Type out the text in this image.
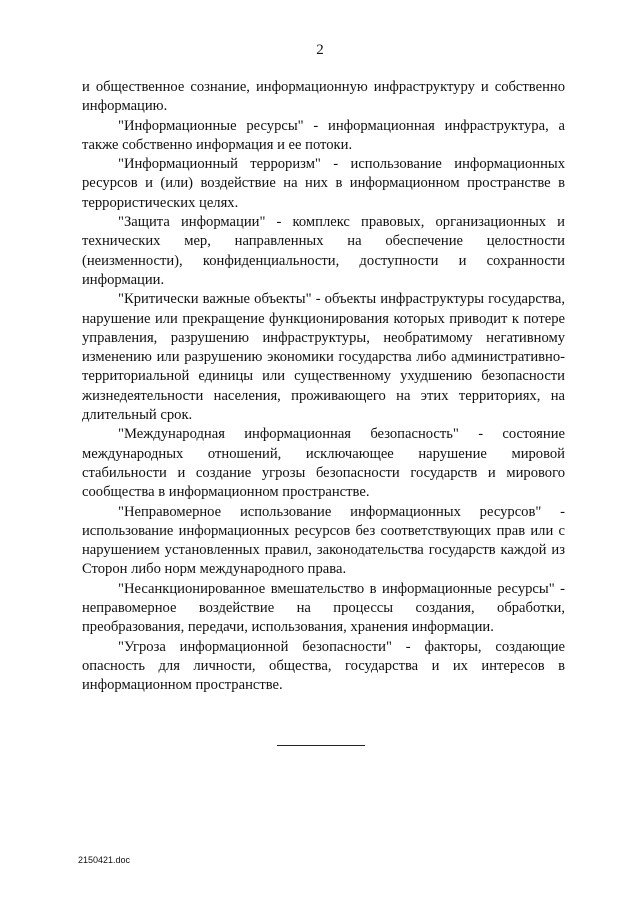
2

и общественное сознание, информационную инфраструктуру и собственно информацию.

"Информационные ресурсы" - информационная инфраструктура, а также собственно информация и ее потоки.

"Информационный терроризм" - использование информационных ресурсов и (или) воздействие на них в информационном пространстве в террористических целях.

"Защита информации" - комплекс правовых, организационных и технических мер, направленных на обеспечение целостности (неизменности), конфиденциальности, доступности и сохранности информации.

"Критически важные объекты" - объекты инфраструктуры государства, нарушение или прекращение функционирования которых приводит к потере управления, разрушению инфраструктуры, необратимому негативному изменению или разрушению экономики государства либо административно-территориальной единицы или существенному ухудшению безопасности жизнедеятельности населения, проживающего на этих территориях, на длительный срок.

"Международная информационная безопасность" - состояние международных отношений, исключающее нарушение мировой стабильности и создание угрозы безопасности государств и мирового сообщества в информационном пространстве.

"Неправомерное использование информационных ресурсов" - использование информационных ресурсов без соответствующих прав или с нарушением установленных правил, законодательства государств каждой из Сторон либо норм международного права.

"Несанкционированное вмешательство в информационные ресурсы" - неправомерное воздействие на процессы создания, обработки, преобразования, передачи, использования, хранения информации.

"Угроза информационной безопасности" - факторы, создающие опасность для личности, общества, государства и их интересов в информационном пространстве.

2150421.doc
